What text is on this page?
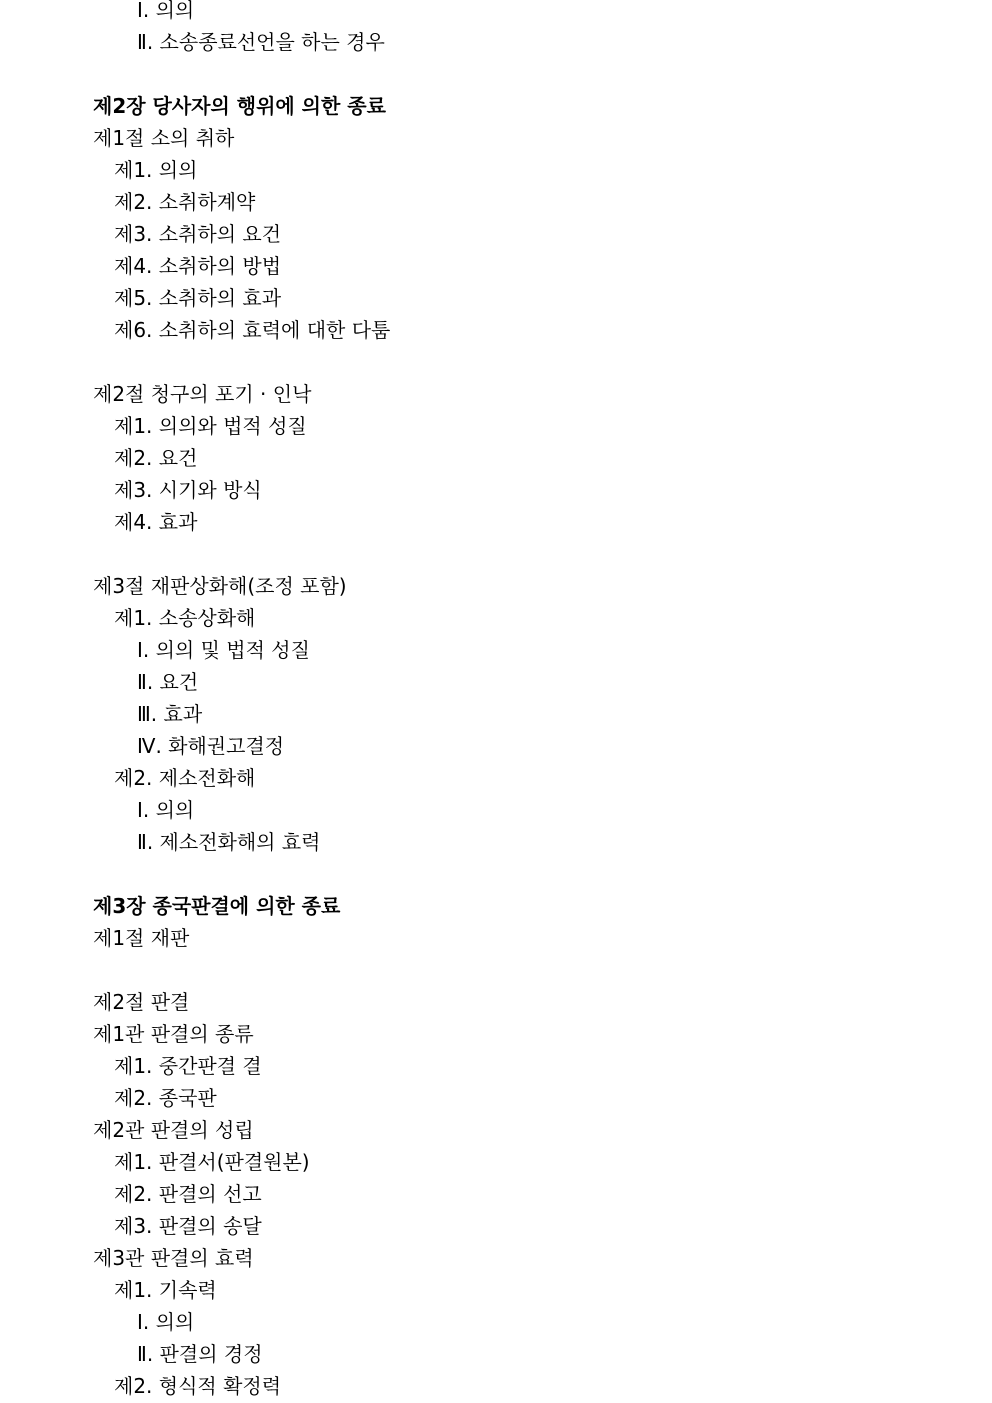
Ⅰ. 의의
Ⅱ. 소송종료선언을 하는 경우
제2장 당사자의 행위에 의한 종료
제1절 소의 취하
제1. 의의
제2. 소취하계약
제3. 소취하의 요건
제4. 소취하의 방법
제5. 소취하의 효과
제6. 소취하의 효력에 대한 다툼
제2절 청구의 포기 · 인낙
제1. 의의와 법적 성질
제2. 요건
제3. 시기와 방식
제4. 효과
제3절 재판상화해(조정 포함)
제1. 소송상화해
Ⅰ. 의의 및 법적 성질
Ⅱ. 요건
Ⅲ. 효과
Ⅳ. 화해권고결정
제2. 제소전화해
Ⅰ. 의의
Ⅱ. 제소전화해의 효력
제3장 종국판결에 의한 종료
제1절 재판
제2절 판결
제1관 판결의 종류
제1. 중간판결 결
제2. 종국판
제2관 판결의 성립
제1. 판결서(판결원본)
제2. 판결의 선고
제3. 판결의 송달
제3관 판결의 효력
제1. 기속력
Ⅰ. 의의
Ⅱ. 판결의 경정
제2. 형식적 확정력
